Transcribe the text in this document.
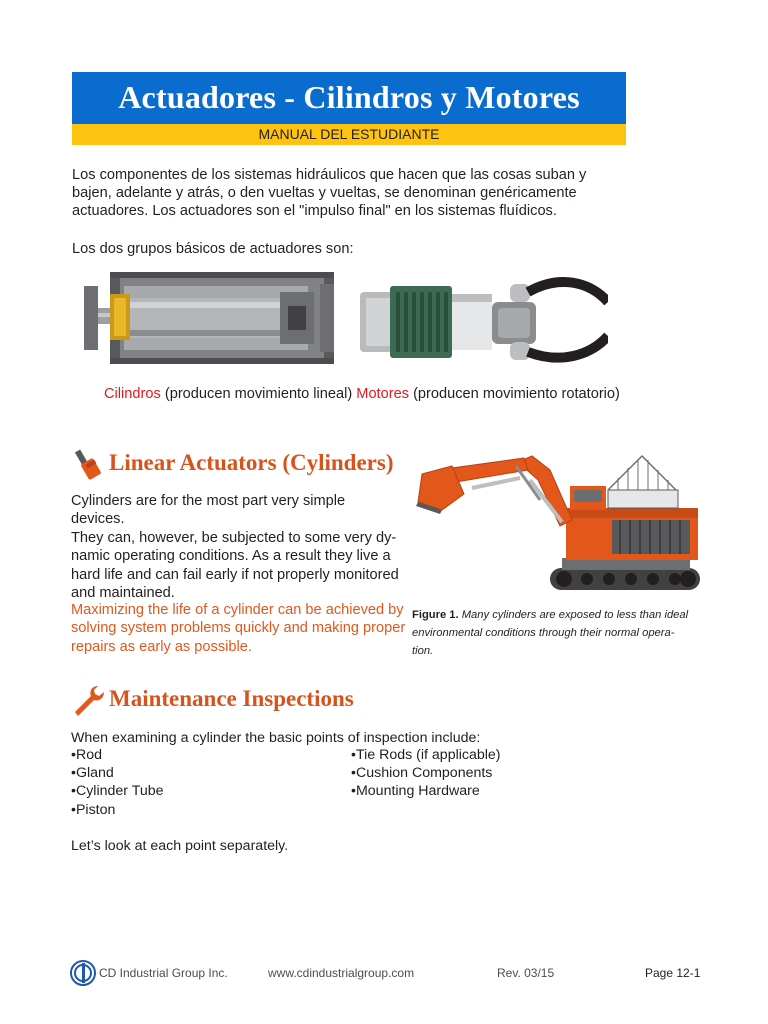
Actuadores - Cilindros y Motores
MANUAL DEL ESTUDIANTE
Los componentes de los sistemas hidráulicos que hacen que las cosas suban y
bajen, adelante y atrás, o den vueltas y vueltas, se denominan genéricamente
actuadores. Los actuadores son el "impulso final" en los sistemas fluídicos.
Los dos grupos básicos de actuadores son:
Cilindros (producen movimiento lineal) Motores (producen movimiento rotatorio)
Linear Actuators (Cylinders)
Cylinders are for the most part very simple devices.
They can, however, be subjected to some very dy-
namic operating conditions. As a result they live a
hard life and can fail early if not properly monitored
and maintained.
Maximizing the life of a cylinder can be achieved by
solving system problems quickly and making proper
repairs as early as possible.
Figure 1. Many cylinders are exposed to less than ideal
environmental conditions through their normal opera-
tion.
Maintenance Inspections
When examining a cylinder the basic points of inspection include:
•Rod
•Gland
•Cylinder Tube
•Piston
•Tie Rods (if applicable)
•Cushion Components
•Mounting Hardware
Let’s look at each point separately.
CD Industrial Group Inc.	www.cdindustrialgroup.com	Rev. 03/15	Page 12-1
